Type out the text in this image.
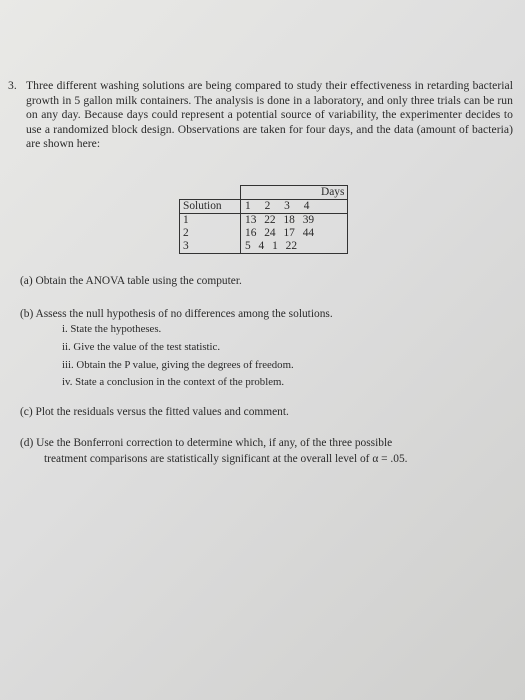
3. Three different washing solutions are being compared to study their effectiveness in retarding bacterial growth in 5 gallon milk containers. The analysis is done in a laboratory, and only three trials can be run on any day. Because days could represent a potential source of variability, the experimenter decides to use a randomized block design. Observations are taken for four days, and the data (amount of bacteria) are shown here:
	Days
Solution	1 2 3 4
1	13 22 18 39
2	16 24 17 44
3	5 4 1 22
(a) Obtain the ANOVA table using the computer.
(b) Assess the null hypothesis of no differences among the solutions.
i. State the hypotheses.
ii. Give the value of the test statistic.
iii. Obtain the P value, giving the degrees of freedom.
iv. State a conclusion in the context of the problem.
(c) Plot the residuals versus the fitted values and comment.
(d) Use the Bonferroni correction to determine which, if any, of the three possible
treatment comparisons are statistically significant at the overall level of α = .05.
